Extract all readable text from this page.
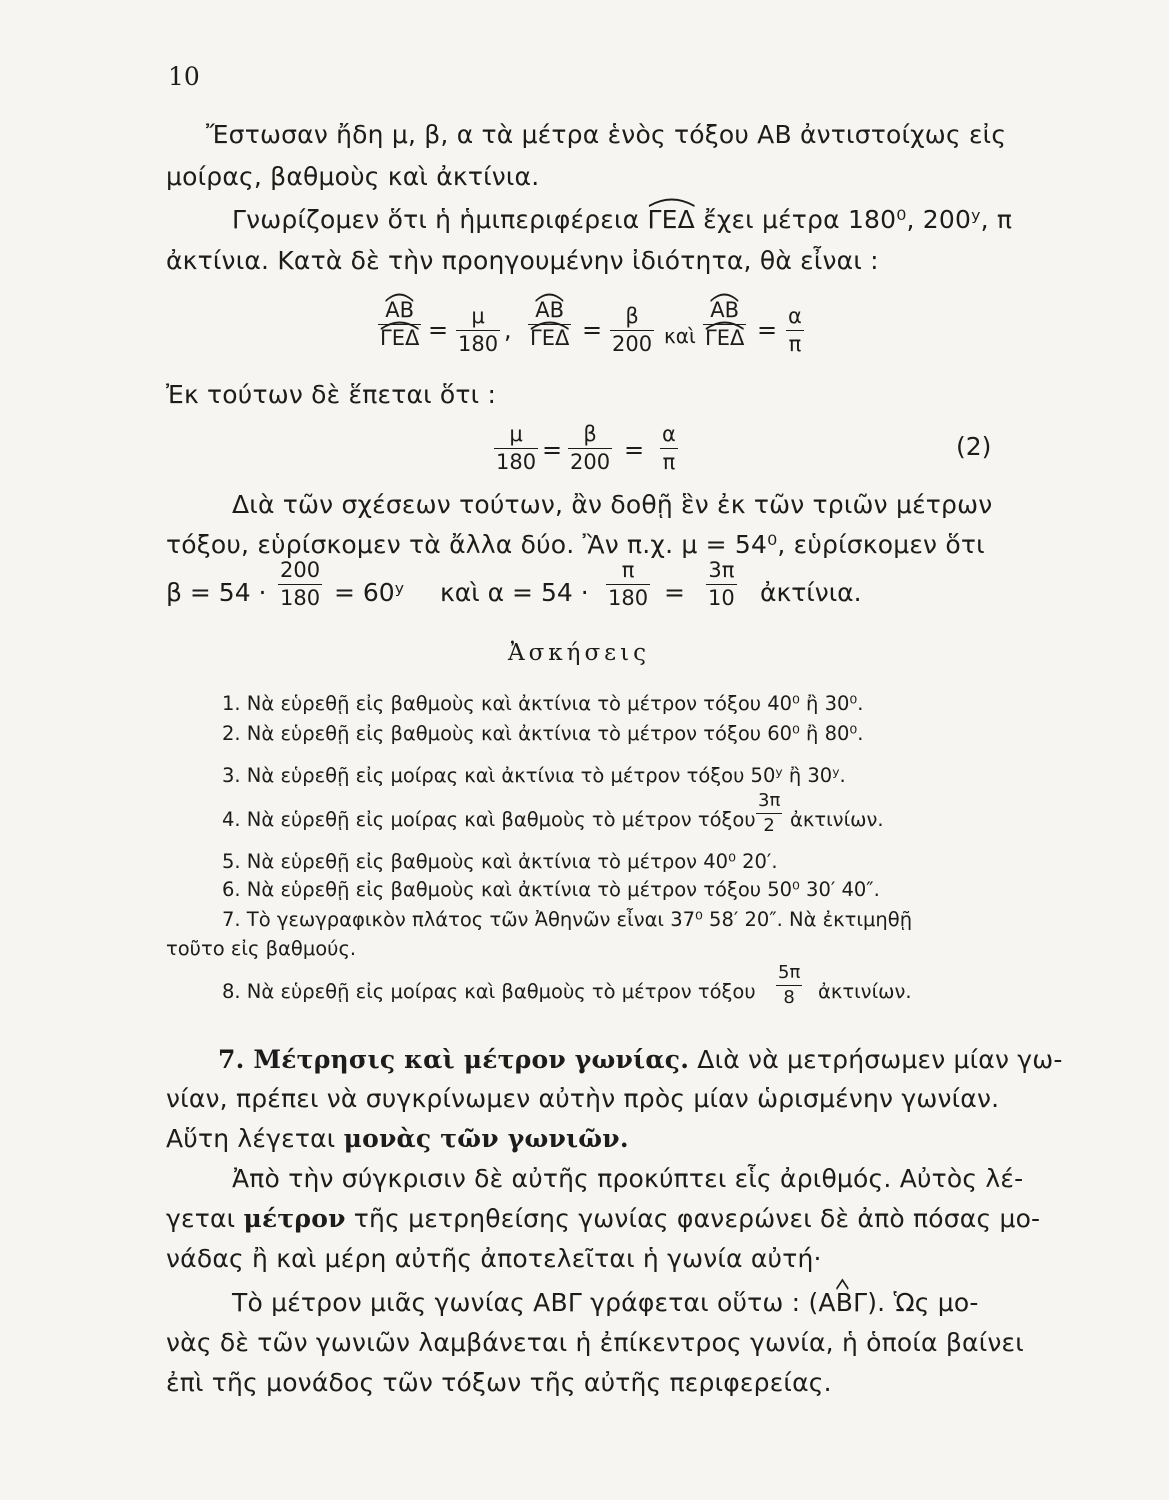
10
Ἔστωσαν ἤδη μ, β, α τὰ μέτρα ἑνὸς τόξου ΑΒ ἀντιστοίχως εἰς
μοίρας, βαθμοὺς καὶ ἀκτίνια.
Γνωρίζομεν ὅτι ἡ ἡμιπεριφέρεια
ΓΕΔ ἔχει μέτρα 180⁰, 200ʸ, π
ἀκτίνια. Κατὰ δὲ τὴν προηγουμένην ἰδιότητα, θὰ εἶναι :
ΑΒ
$\Gamma E\Delta = \frac{\mu}{180}$ ,
ΑΒ
$\Gamma E\Delta = \frac{\beta}{200}$ καὶ
ΑΒ
$\Gamma E\Delta = \frac{\alpha}{\pi}$
Ἐκ τούτων δὲ ἕπεται ὅτι :
$\frac{\mu}{180} = \frac{\beta}{200} = \frac{\alpha}{\pi}$	(2)
Διὰ τῶν σχέσεων τούτων, ἂν δοθῇ ἓν ἐκ τῶν τριῶν μέτρων
τόξου, εὑρίσκομεν τὰ ἄλλα δύο. Ἂν π.χ. μ = 54⁰, εὑρίσκομεν ὅτι
$\beta = 54 \cdot \frac{200}{180}$ = 60ʸ καὶ $\alpha = 54 \cdot \frac{\pi}{180} = \frac{3\pi}{10}$ ἀκτίνια.
Ἀσκήσεις
1. Νὰ εὑρεθῇ εἰς βαθμοὺς καὶ ἀκτίνια τὸ μέτρον τόξου 40⁰ ἢ 30⁰.
2. Νὰ εὑρεθῇ εἰς βαθμοὺς καὶ ἀκτίνια τὸ μέτρον τόξου 60⁰ ἢ 80⁰.
3. Νὰ εὑρεθῇ εἰς μοίρας καὶ ἀκτίνια τὸ μέτρον τόξου 50ʸ ἢ 30ʸ.
4. Νὰ εὑρεθῇ εἰς μοίρας καὶ βαθμοὺς τὸ μέτρον τόξου $\frac{3\pi}{2}$ ἀκτινίων.
5. Νὰ εὑρεθῇ εἰς βαθμοὺς καὶ ἀκτίνια τὸ μέτρον 40⁰ 20′.
6. Νὰ εὑρεθῇ εἰς βαθμοὺς καὶ ἀκτίνια τὸ μέτρον τόξου 50⁰ 30′ 40″.
7. Τὸ γεωγραφικὸν πλάτος τῶν Ἀθηνῶν εἶναι 37⁰ 58′ 20″. Νὰ ἐκτιμηθῇ
τοῦτο εἰς βαθμούς.
8. Νὰ εὑρεθῇ εἰς μοίρας καὶ βαθμοὺς τὸ μέτρον τόξου $\frac{5\pi}{8}$ ἀκτινίων.
7. Μέτρησις καὶ μέτρον γωνίας. Διὰ νὰ μετρήσωμεν μίαν γω-
νίαν, πρέπει νὰ συγκρίνωμεν αὐτὴν πρὸς μίαν ὡρισμένην γωνίαν.
Αὕτη λέγεται μονὰς τῶν γωνιῶν.
Ἀπὸ τὴν σύγκρισιν δὲ αὐτῆς προκύπτει εἷς ἀριθμός. Αὐτὸς λέ-
γεται μέτρον τῆς μετρηθείσης γωνίας φανερώνει δὲ ἀπὸ πόσας μο-
νάδας ἢ καὶ μέρη αὐτῆς ἀποτελεῖται ἡ γωνία αὐτή·
Τὸ μέτρον μιᾶς γωνίας ΑΒΓ γράφεται οὕτω : (
ΑΒΓ). Ὡς μο-
νὰς δὲ τῶν γωνιῶν λαμβάνεται ἡ ἐπίκεντρος γωνία, ἡ ὁποία βαίνει
ἐπὶ τῆς μονάδος τῶν τόξων τῆς αὐτῆς περιφερείας.
